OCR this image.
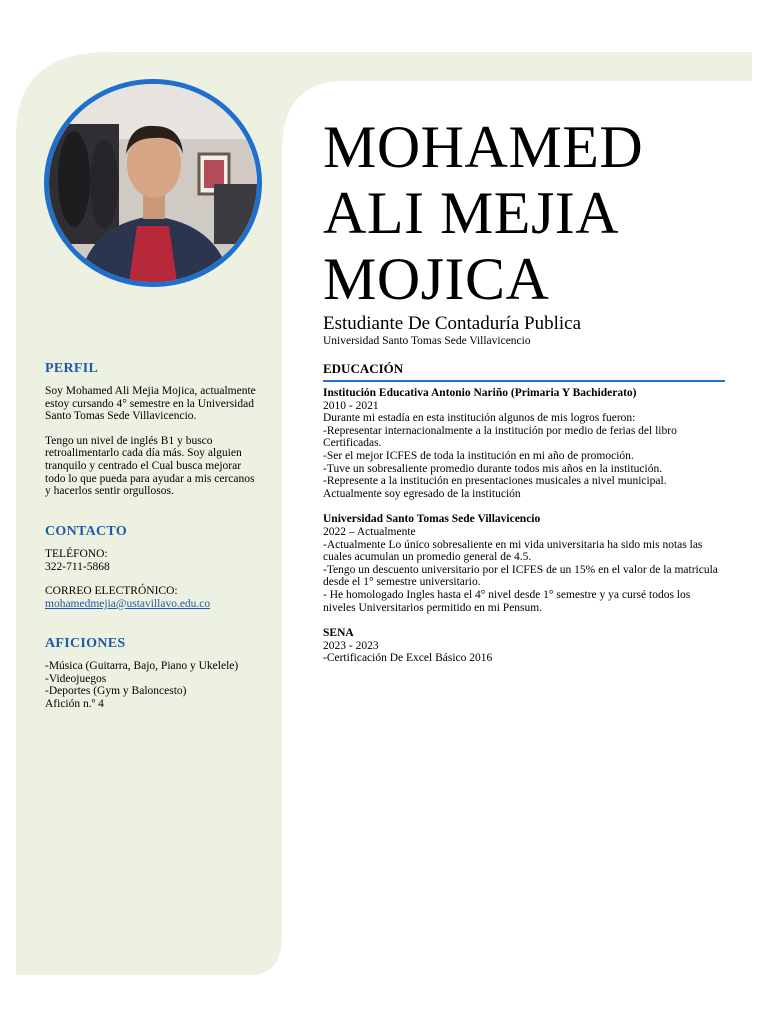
MOHAMED
ALI MEJIA
MOJICA
Estudiante De Contaduría Publica
Universidad Santo Tomas Sede Villavicencio
PERFIL

Soy Mohamed Ali Mejia Mojica, actualmente

estoy cursando 4° semestre en la Universidad

Santo Tomas Sede Villavicencio.

Tengo un nivel de inglés B1 y busco

retroalimentarlo cada día más. Soy alguien

tranquilo y centrado el Cual busca mejorar

todo lo que pueda para ayudar a mis cercanos

y hacerlos sentir orgullosos.

CONTACTO

TELÉFONO:

322-711-5868

CORREO ELECTRÓNICO:

mohamedmejia@ustavillavo.edu.co

AFICIONES

-Música (Guitarra, Bajo, Piano y Ukelele)

-Videojuegos

-Deportes (Gym y Baloncesto)

Afición n.º 4

EDUCACIÓN
Institución Educativa Antonio Nariño (Primaria Y Bachiderato)
2010 - 2021
Durante mi estadía en esta institución algunos de mis logros fueron:
-Representar internacionalmente a la institución por medio de ferias del libro
Certificadas.
-Ser el mejor ICFES de toda la institución en mi año de promoción.
-Tuve un sobresaliente promedio durante todos mis años en la institución.
-Represente a la institución en presentaciones musicales a nivel municipal.
Actualmente soy egresado de la institución
Universidad Santo Tomas Sede Villavicencio
2022 – Actualmente
-Actualmente Lo único sobresaliente en mi vida universitaria ha sido mis notas las
cuales acumulan un promedio general de 4.5.
-Tengo un descuento universitario por el ICFES de un 15% en el valor de la matricula
desde el 1° semestre universitario.
- He homologado Ingles hasta el 4° nivel desde 1° semestre y ya cursé todos los
niveles Universitarios permitido en mi Pensum.
SENA
2023 - 2023
-Certificación De Excel Básico 2016
